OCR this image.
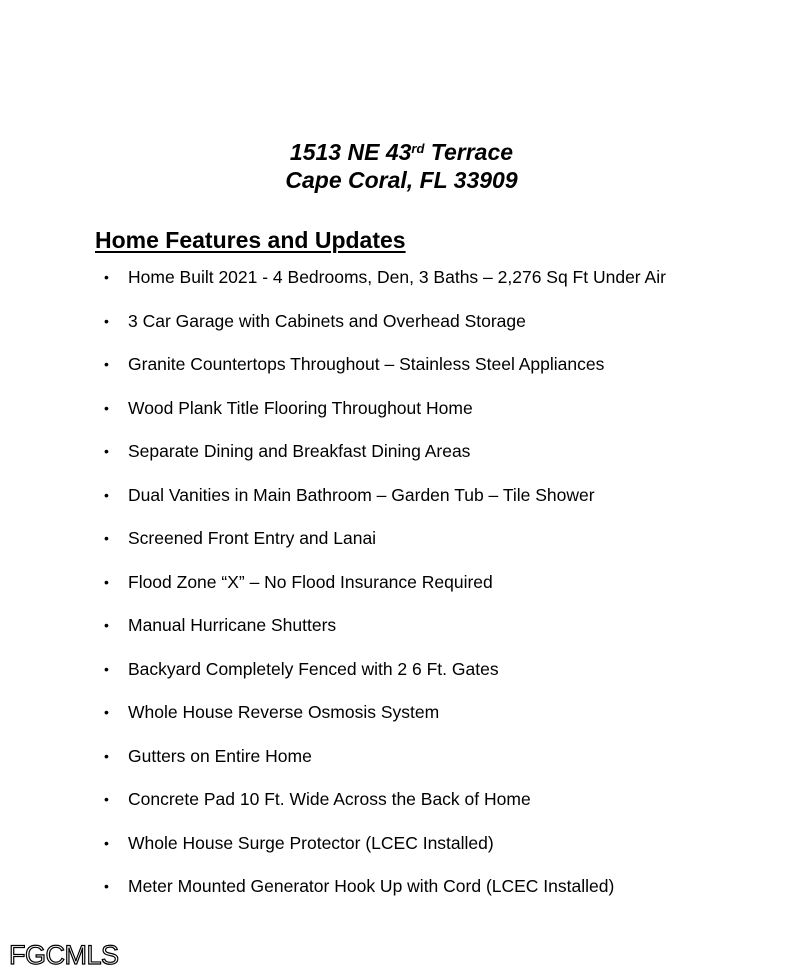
1513 NE 43rd Terrace
Cape Coral, FL 33909
Home Features and Updates
• Home Built 2021 - 4 Bedrooms, Den, 3 Baths – 2,276 Sq Ft Under Air
• 3 Car Garage with Cabinets and Overhead Storage
• Granite Countertops Throughout – Stainless Steel Appliances
• Wood Plank Title Flooring Throughout Home
• Separate Dining and Breakfast Dining Areas
• Dual Vanities in Main Bathroom – Garden Tub – Tile Shower
• Screened Front Entry and Lanai
• Flood Zone “X” – No Flood Insurance Required
• Manual Hurricane Shutters
• Backyard Completely Fenced with 2 6 Ft. Gates
• Whole House Reverse Osmosis System
• Gutters on Entire Home
• Concrete Pad 10 Ft. Wide Across the Back of Home
• Whole House Surge Protector (LCEC Installed)
• Meter Mounted Generator Hook Up with Cord (LCEC Installed)
FGCMLS
